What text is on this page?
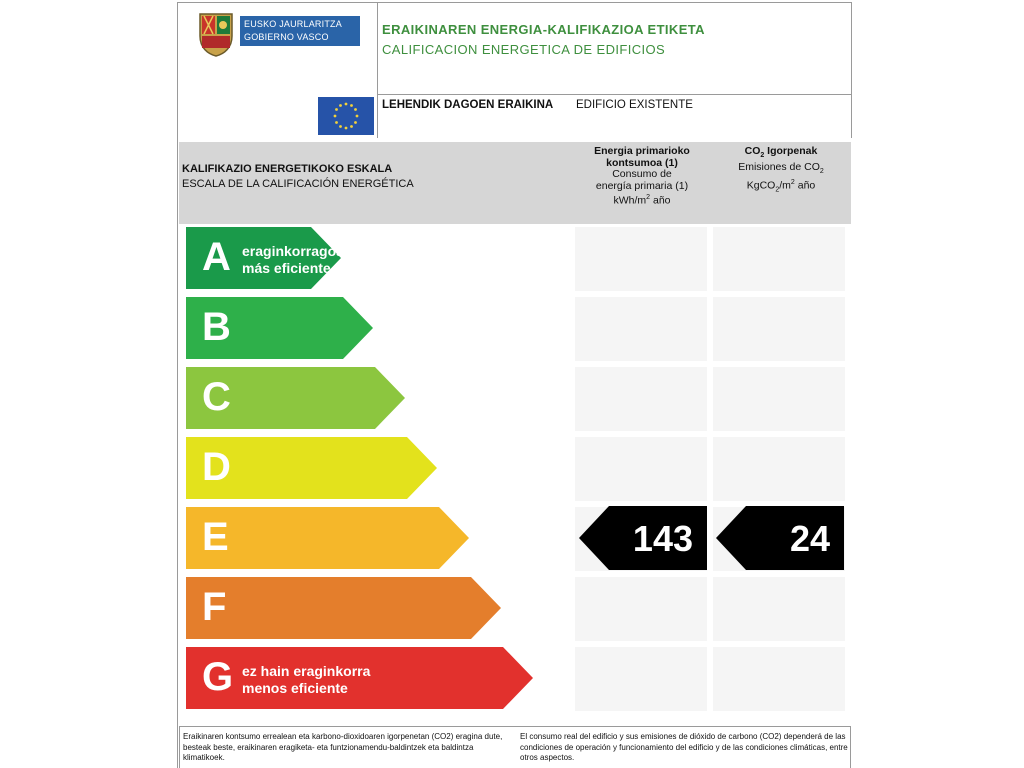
EUSKO JAURLARITZA
GOBIERNO VASCO	ERAIKINAREN ENERGIA-KALIFIKAZIOA ETIKETA
CALIFICACION ENERGETICA DE EDIFICIOS
LEHENDIK DAGOEN ERAIKINA EDIFICIO EXISTENTE
KALIFIKAZIO ENERGETIKOKO ESKALA
ESCALA DE LA CALIFICACIÓN ENERGÉTICA
Energia primarioko
kontsumoa (1)
Consumo de
energía primaria (1)
kWh/$m^2$ año
$CO_2$ Igorpenak
Emisiones de $CO_2$
$KgCO_2/m^2$ año
A eraginkorragoa
más eficiente
B
C
D
E
F
G ez hain eraginkorra
menos eficiente
143	24
Eraikinaren kontsumo errealean eta karbono-dioxidoaren igorpenetan (CO2) eragina dute, besteak beste, eraikinaren eragiketa- eta funtzionamendu-baldintzek eta baldintza klimatikoek.
El consumo real del edificio y sus emisiones de dióxido de carbono (CO2) dependerá de las condiciones de operación y funcionamiento del edificio y de las condiciones climáticas, entre otros aspectos.
